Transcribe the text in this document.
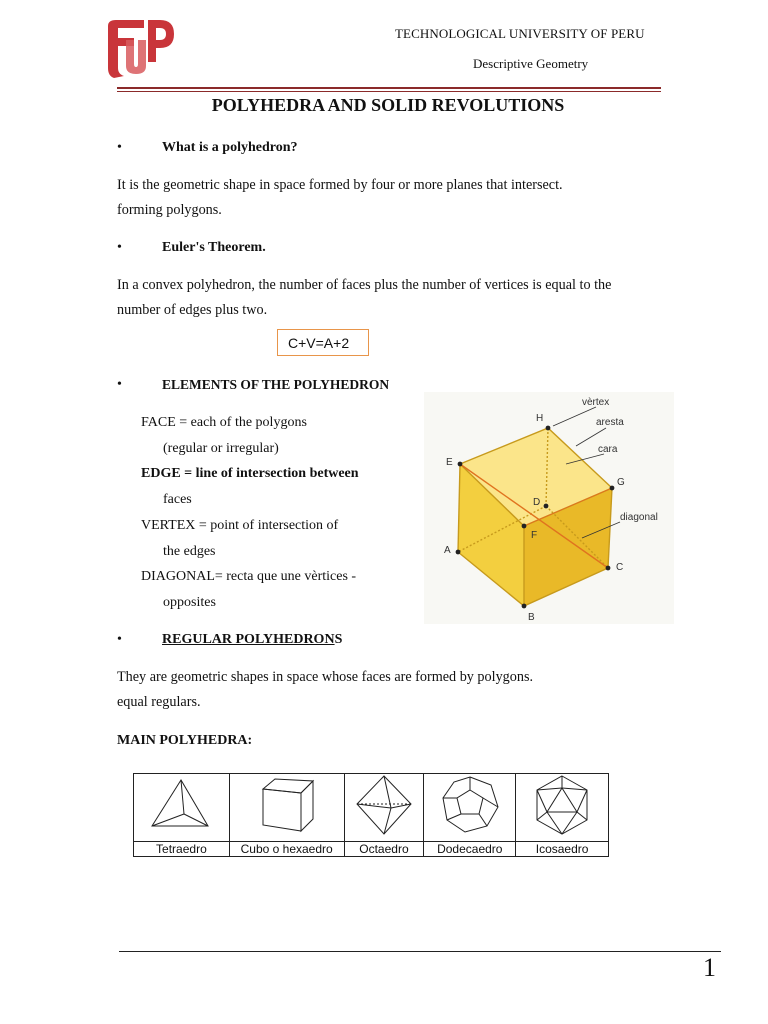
TECHNOLOGICAL UNIVERSITY OF PERU
Descriptive Geometry
POLYHEDRA AND SOLID REVOLUTIONS
•	What is a polyhedron?
It is the geometric shape in space formed by four or more planes that intersect.
forming polygons.
•	Euler's Theorem.
In a convex polyhedron, the number of faces plus the number of vertices is equal to the
number of edges plus two.
C+V=A+2
•	ELEMENTS OF THE POLYHEDRON
FACE = each of the polygons
(regular or irregular)
EDGE = line of intersection between
faces
VERTEX = point of intersection of
the edges
DIAGONAL= recta que une vèrtices -
opposites
H
E
G
D
F
A
C
B
vèrtex
aresta
cara
diagonal
•	REGULAR POLYHEDRONS
They are geometric shapes in space whose faces are formed by polygons.
equal regulars.
MAIN POLYHEDRA:

Tetraedro	Cubo o hexaedro	Octaedro	Dodecaedro	Icosaedro
1
